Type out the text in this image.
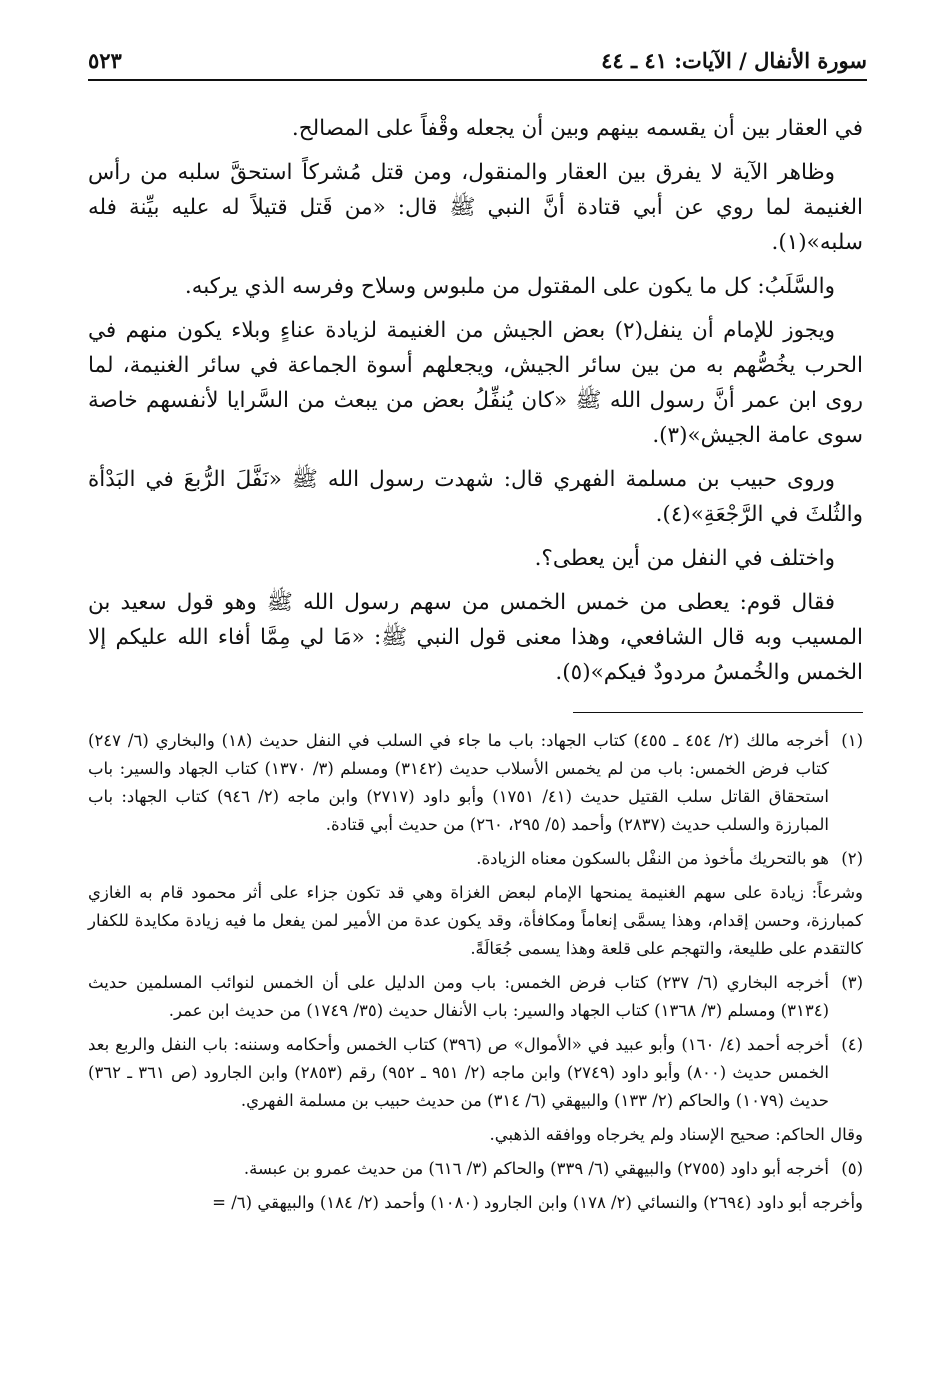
سورة الأنفال / الآيات: ٤١ ـ ٤٤
٥٢٣

في العقار بين أن يقسمه بينهم وبين أن يجعله وقْفاً على المصالح.

وظاهر الآية لا يفرق بين العقار والمنقول، ومن قتل مُشركاً استحقَّ سلبه من رأس الغنيمة لما روي عن أبي قتادة أنَّ النبي ﷺ قال: «من قَتل قتيلاً له عليه بيِّنة فله سلبه»(١).

والسَّلَبُ: كل ما يكون على المقتول من ملبوس وسلاح وفرسه الذي يركبه.

ويجوز للإمام أن ينفل(٢) بعض الجيش من الغنيمة لزيادة عناءٍ وبلاء يكون منهم في الحرب يخُصُّهم به من بين سائر الجيش، ويجعلهم أسوة الجماعة في سائر الغنيمة، لما روى ابن عمر أنَّ رسول الله ﷺ «كان يُنفِّلُ بعض من يبعث من السَّرايا لأنفسهم خاصة سوى عامة الجيش»(٣).

وروى حبيب بن مسلمة الفهري قال: شهدت رسول الله ﷺ «نَفَّلَ الرُّبعَ في البَدْأة والثُلثَ في الرَّجْعَةِ»(٤).

واختلف في النفل من أين يعطى؟.

فقال قوم: يعطى من خمس الخمس من سهم رسول الله ﷺ وهو قول سعيد بن المسيب وبه قال الشافعي، وهذا معنى قول النبي ﷺ: «مَا لي مِمَّا أفاء الله عليكم إلا الخمس والخُمسُ مردودٌ فيكم»(٥).

(١)
أخرجه مالك (٢/ ٤٥٤ ـ ٤٥٥) كتاب الجهاد: باب ما جاء في السلب في النفل حديث (١٨) والبخاري (٦/ ٢٤٧) كتاب فرض الخمس: باب من لم يخمس الأسلاب حديث (٣١٤٢) ومسلم (٣/ ١٣٧٠) كتاب الجهاد والسير: باب استحقاق القاتل سلب القتيل حديث (٤١/ ١٧٥١) وأبو داود (٢٧١٧) وابن ماجه (٢/ ٩٤٦) كتاب الجهاد: باب المبارزة والسلب حديث (٢٨٣٧) وأحمد (٥/ ٢٩٥، ٢٦٠) من حديث أبي قتادة.
(٢)
هو بالتحريك مأخوذ من النفْل بالسكون معناه الزيادة.
وشرعاً: زيادة على سهم الغنيمة يمنحها الإمام لبعض الغزاة وهي قد تكون جزاء على أثر محمود قام به الغازي كمبارزة، وحسن إقدام، وهذا يسمَّى إنعاماً ومكافأة، وقد يكون عدة من الأمير لمن يفعل ما فيه زيادة مكايدة للكفار كالتقدم على طليعة، والتهجم على قلعة وهذا يسمى جُعَالَةً.
(٣)
أخرجه البخاري (٦/ ٢٣٧) كتاب فرض الخمس: باب ومن الدليل على أن الخمس لنوائب المسلمين حديث (٣١٣٤) ومسلم (٣/ ١٣٦٨) كتاب الجهاد والسير: باب الأنفال حديث (٣٥/ ١٧٤٩) من حديث ابن عمر.
(٤)
أخرجه أحمد (٤/ ١٦٠) وأبو عبيد في «الأموال» ص (٣٩٦) كتاب الخمس وأحكامه وسننه: باب النفل والربع بعد الخمس حديث (٨٠٠) وأبو داود (٢٧٤٩) وابن ماجه (٢/ ٩٥١ ـ ٩٥٢) رقم (٢٨٥٣) وابن الجارود (ص ٣٦١ ـ ٣٦٢) حديث (١٠٧٩) والحاكم (٢/ ١٣٣) والبيهقي (٦/ ٣١٤) من حديث حبيب بن مسلمة الفهري.
وقال الحاكم: صحيح الإسناد ولم يخرجاه ووافقه الذهبي.
(٥)
أخرجه أبو داود (٢٧٥٥) والبيهقي (٦/ ٣٣٩) والحاكم (٣/ ٦١٦) من حديث عمرو بن عبسة.
وأخرجه أبو داود (٢٦٩٤) والنسائي (٢/ ١٧٨) وابن الجارود (١٠٨٠) وأحمد (٢/ ١٨٤) والبيهقي (٦/ =
